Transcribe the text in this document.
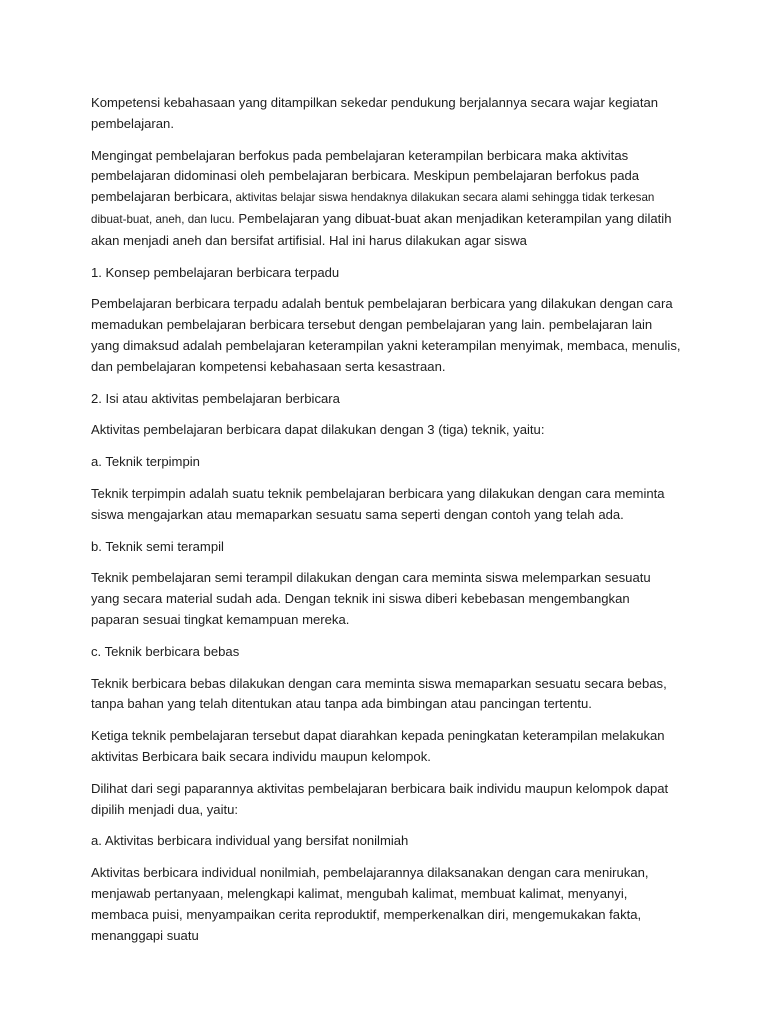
Kompetensi kebahasaan yang ditampilkan sekedar pendukung berjalannya secara wajar kegiatan pembelajaran.

Mengingat pembelajaran berfokus pada pembelajaran keterampilan berbicara maka aktivitas pembelajaran didominasi oleh pembelajaran berbicara. Meskipun pembelajaran berfokus pada pembelajaran berbicara, aktivitas belajar siswa hendaknya dilakukan secara alami sehingga tidak terkesan dibuat-buat, aneh, dan lucu. Pembelajaran yang dibuat-buat akan menjadikan keterampilan yang dilatih akan menjadi aneh dan bersifat artifisial. Hal ini harus dilakukan agar siswa

1. Konsep pembelajaran berbicara terpadu

Pembelajaran berbicara terpadu adalah bentuk pembelajaran berbicara yang dilakukan dengan cara memadukan pembelajaran berbicara tersebut dengan pembelajaran yang lain. pembelajaran lain yang dimaksud adalah pembelajaran keterampilan yakni keterampilan menyimak, membaca, menulis, dan pembelajaran kompetensi kebahasaan serta kesastraan.

2. Isi atau aktivitas pembelajaran berbicara

Aktivitas pembelajaran berbicara dapat dilakukan dengan 3 (tiga) teknik, yaitu:

a. Teknik terpimpin

Teknik terpimpin adalah suatu teknik pembelajaran berbicara yang dilakukan dengan cara meminta siswa mengajarkan atau memaparkan sesuatu sama seperti dengan contoh yang telah ada.

b. Teknik semi terampil

Teknik pembelajaran semi terampil dilakukan dengan cara meminta siswa melemparkan sesuatu yang secara material sudah ada. Dengan teknik ini siswa diberi kebebasan mengembangkan paparan sesuai tingkat kemampuan mereka.

c. Teknik berbicara bebas

Teknik berbicara bebas dilakukan dengan cara meminta siswa memaparkan sesuatu secara bebas, tanpa bahan yang telah ditentukan atau tanpa ada bimbingan atau pancingan tertentu.

Ketiga teknik pembelajaran tersebut dapat diarahkan kepada peningkatan keterampilan melakukan aktivitas Berbicara baik secara individu maupun kelompok.

Dilihat dari segi paparannya aktivitas pembelajaran berbicara baik individu maupun kelompok dapat dipilih menjadi dua, yaitu:

a. Aktivitas berbicara individual yang bersifat nonilmiah

Aktivitas berbicara individual nonilmiah, pembelajarannya dilaksanakan dengan cara menirukan, menjawab pertanyaan, melengkapi kalimat, mengubah kalimat, membuat kalimat, menyanyi, membaca puisi, menyampaikan cerita reproduktif, memperkenalkan diri, mengemukakan fakta, menanggapi suatu
